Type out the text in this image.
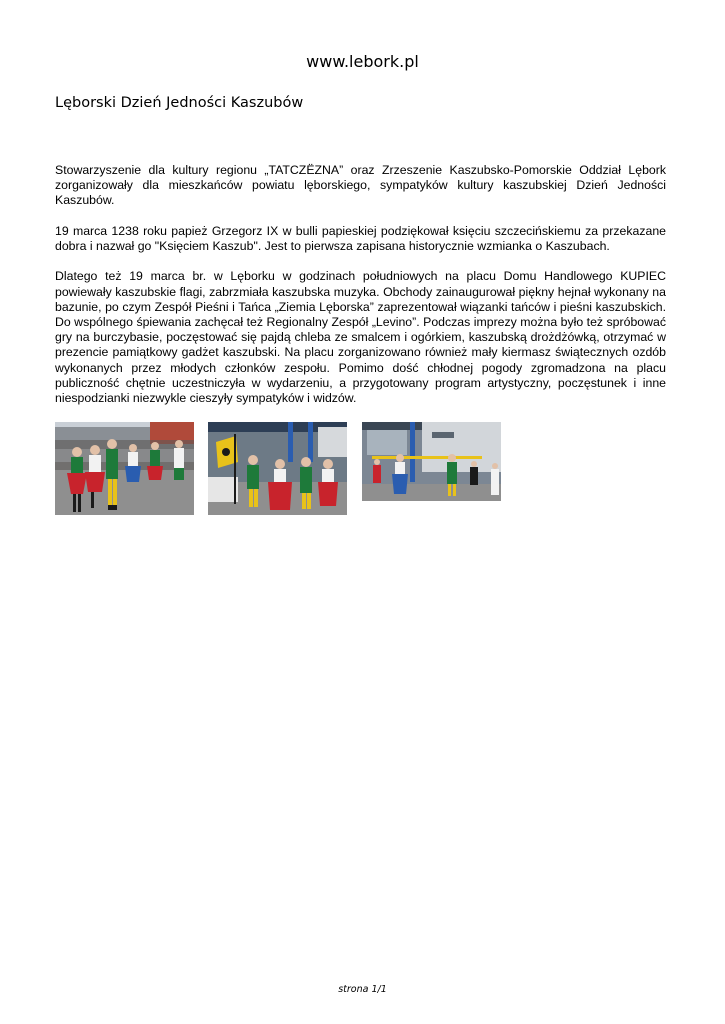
www.lebork.pl
Lęborski Dzień Jedności Kaszubów

Stowarzyszenie dla kultury regionu „TATCZËZNA” oraz Zrzeszenie Kaszubsko-Pomorskie Oddział Lębork zorganizowały dla mieszkańców powiatu lęborskiego, sympatyków kultury kaszubskiej Dzień Jedności Kaszubów.

19 marca 1238 roku papież Grzegorz IX w bulli papieskiej podziękował księciu szczecińskiemu za przekazane dobra i nazwał go "Księciem Kaszub". Jest to pierwsza zapisana historycznie wzmianka o Kaszubach.

Dlatego też 19 marca br. w Lęborku w godzinach południowych na placu Domu Handlowego KUPIEC powiewały kaszubskie flagi, zabrzmiała kaszubska muzyka. Obchody zainaugurował piękny hejnał wykonany na bazunie, po czym Zespół Pieśni i Tańca „Ziemia Lęborska” zaprezentował wiązanki tańców i pieśni kaszubskich. Do wspólnego śpiewania zachęcał też Regionalny Zespół „Levino”. Podczas imprezy można było też spróbować gry na burczybasie, poczęstować się pajdą chleba ze smalcem i ogórkiem, kaszubską drożdżówką, otrzymać w prezencie pamiątkowy gadżet kaszubski. Na placu zorganizowano również mały kiermasz świątecznych ozdób wykonanych przez młodych członków zespołu. Pomimo dość chłodnej pogody zgromadzona na placu publiczność chętnie uczestniczyła w wydarzeniu, a przygotowany program artystyczny, poczęstunek i inne niespodzianki niezwykle cieszyły sympatyków i widzów.

strona 1/1
